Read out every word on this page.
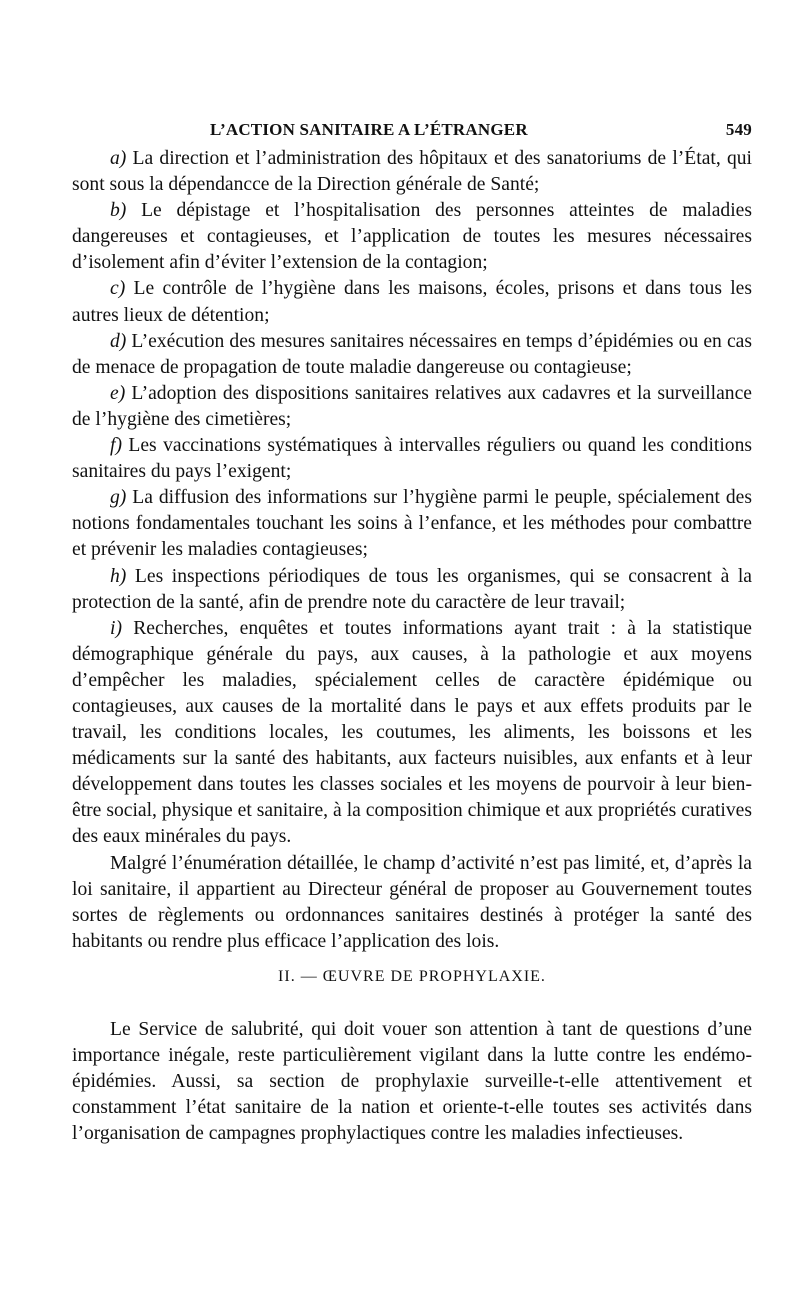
L’ACTION SANITAIRE A L’ÉTRANGER	549

a) La direction et l’administration des hôpitaux et des sanatoriums de l’État, qui sont sous la dépendancce de la Direction générale de Santé;

b) Le dépistage et l’hospitalisation des personnes atteintes de maladies dangereuses et contagieuses, et l’application de toutes les mesures nécessaires d’isolement afin d’éviter l’extension de la contagion;

c) Le contrôle de l’hygiène dans les maisons, écoles, prisons et dans tous les autres lieux de détention;

d) L’exécution des mesures sanitaires nécessaires en temps d’épidémies ou en cas de menace de propagation de toute maladie dangereuse ou contagieuse;

e) L’adoption des dispositions sanitaires relatives aux cadavres et la surveillance de l’hygiène des cimetières;

f) Les vaccinations systématiques à intervalles réguliers ou quand les conditions sanitaires du pays l’exigent;

g) La diffusion des informations sur l’hygiène parmi le peuple, spécialement des notions fondamentales touchant les soins à l’enfance, et les méthodes pour combattre et prévenir les maladies contagieuses;

h) Les inspections périodiques de tous les organismes, qui se consacrent à la protection de la santé, afin de prendre note du caractère de leur travail;

i) Recherches, enquêtes et toutes informations ayant trait : à la statistique démographique générale du pays, aux causes, à la pathologie et aux moyens d’empêcher les maladies, spécialement celles de caractère épidémique ou contagieuses, aux causes de la mortalité dans le pays et aux effets produits par le travail, les conditions locales, les coutumes, les aliments, les boissons et les médicaments sur la santé des habitants, aux facteurs nuisibles, aux enfants et à leur développement dans toutes les classes sociales et les moyens de pourvoir à leur bien-être social, physique et sanitaire, à la composition chimique et aux propriétés curatives des eaux minérales du pays.

Malgré l’énumération détaillée, le champ d’activité n’est pas limité, et, d’après la loi sanitaire, il appartient au Directeur général de proposer au Gouvernement toutes sortes de règlements ou ordonnances sanitaires destinés à protéger la santé des habitants ou rendre plus efficace l’application des lois.

II. — ŒUVRE DE PROPHYLAXIE.

Le Service de salubrité, qui doit vouer son attention à tant de questions d’une importance inégale, reste particulièrement vigilant dans la lutte contre les endémo-épidémies. Aussi, sa section de prophylaxie surveille-t-elle attentivement et constamment l’état sanitaire de la nation et oriente-t-elle toutes ses activités dans l’organisation de campagnes prophylactiques contre les maladies infectieuses.
